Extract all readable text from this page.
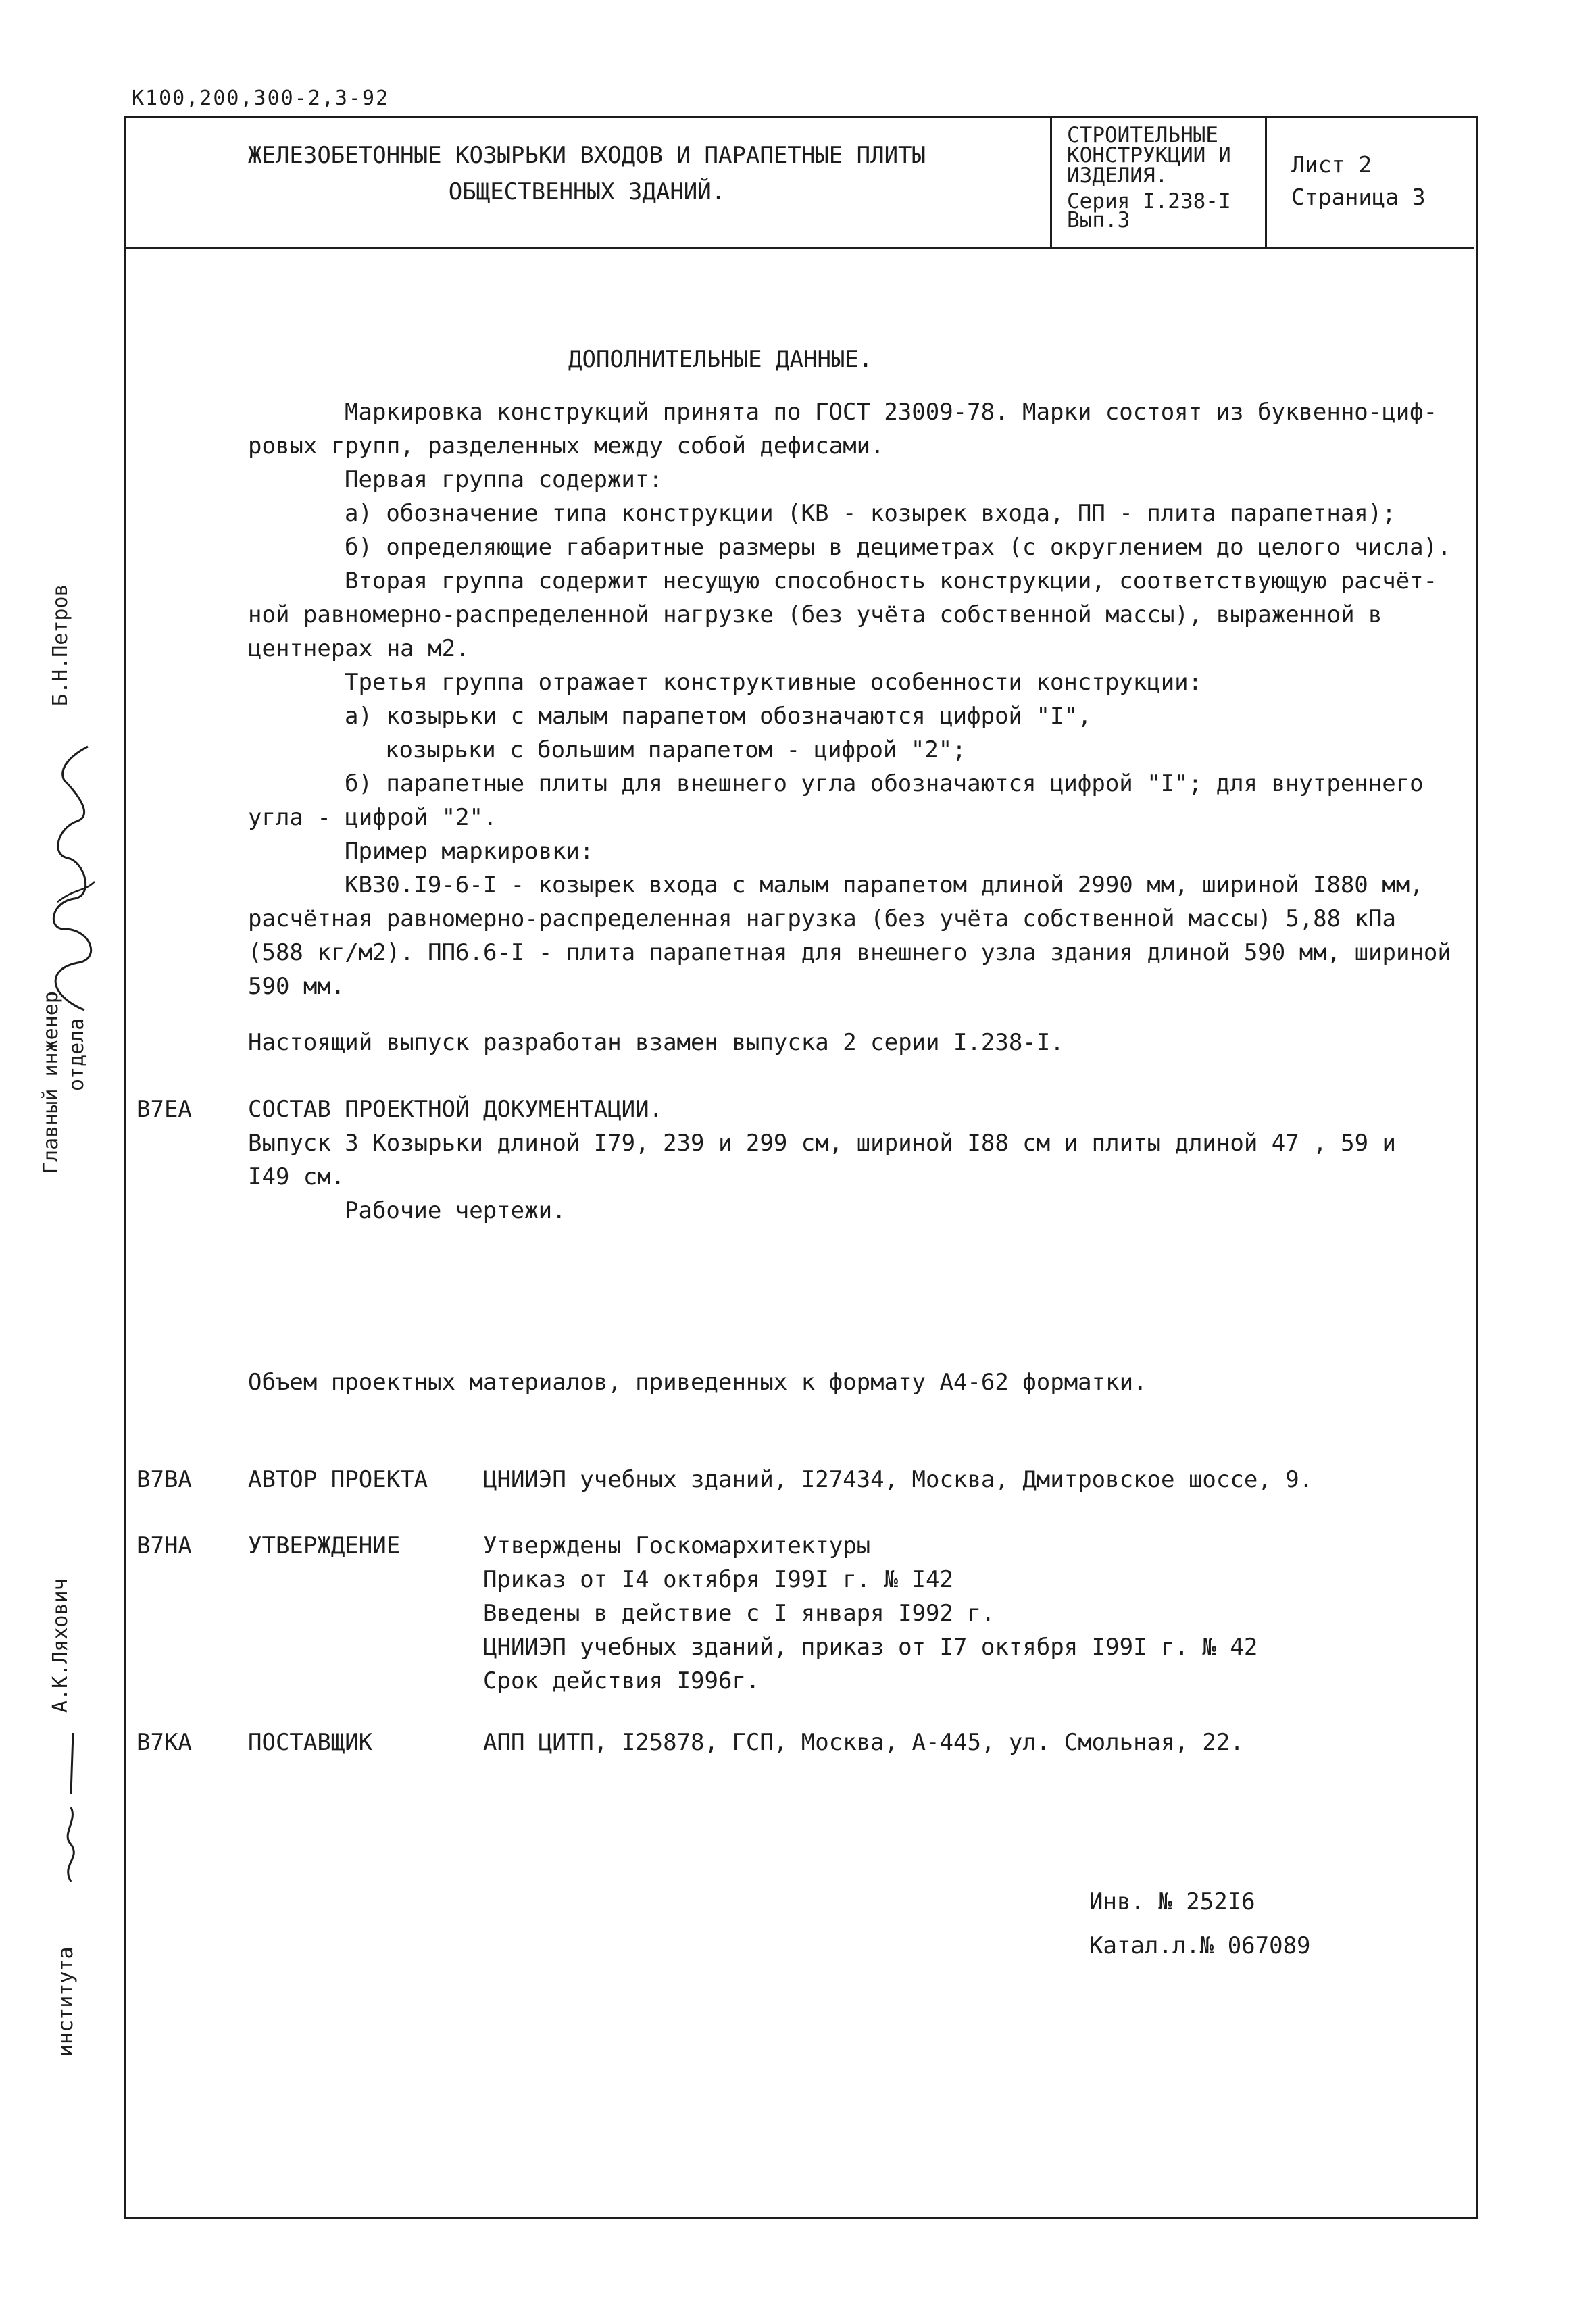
К100,200,300-2,3-92
ЖЕЛЕЗОБЕТОННЫЕ КОЗЫРЬКИ ВХОДОВ И ПАРАПЕТНЫЕ ПЛИТЫ
ОБЩЕСТВЕННЫХ ЗДАНИЙ.
СТРОИТЕЛЬНЫЕ
КОНСТРУКЦИИ И
ИЗДЕЛИЯ.
Серия I.238-I
Вып.3
Лист 2
Страница 3
ДОПОЛНИТЕЛЬНЫЕ ДАННЫЕ.
Маркировка конструкций принята по ГОСТ 23009-78. Марки состоят из буквенно-циф-
ровых групп, разделенных между собой дефисами.
Первая группа содержит:
а) обозначение типа конструкции (КВ - козырек входа, ПП - плита парапетная);
б) определяющие габаритные размеры в дециметрах (с округлением до целого числа).
Вторая группа содержит несущую способность конструкции, соответствующую расчёт-
ной равномерно-распределенной нагрузке (без учёта собственной массы), выраженной в
центнерах на м2.
Третья группа отражает конструктивные особенности конструкции:
а) козырьки с малым парапетом обозначаются цифрой "I",
козырьки с большим парапетом - цифрой "2";
б) парапетные плиты для внешнего угла обозначаются цифрой "I"; для внутреннего
угла - цифрой "2".
Пример маркировки:
КВ30.I9-6-I - козырек входа с малым парапетом длиной 2990 мм, шириной I880 мм,
расчётная равномерно-распределенная нагрузка (без учёта собственной массы) 5,88 кПа
(588 кг/м2). ПП6.6-I - плита парапетная для внешнего узла здания длиной 590 мм, шириной
590 мм.
Настоящий выпуск разработан взамен выпуска 2 серии I.238-I.
В7ЕА СОСТАВ ПРОЕКТНОЙ ДОКУМЕНТАЦИИ.
Выпуск 3 Козырьки длиной I79, 239 и 299 см, шириной I88 см и плиты длиной 47 , 59 и
I49 см.
Рабочие чертежи.
Объем проектных материалов, приведенных к формату А4-62 форматки.
В7ВА АВТОР ПРОЕКТА ЦНИИЭП учебных зданий, I27434, Москва, Дмитровское шоссе, 9.
В7НА УТВЕРЖДЕНИЕ	Утверждены Госкомархитектуры
Приказ от I4 октября I99I г. № I42
Введены в действие с I января I992 г.
ЦНИИЭП учебных зданий, приказ от I7 октября I99I г. № 42
Срок действия I996г.
В7КА ПОСТАВЩИК	АПП ЦИТП, I25878, ГСП, Москва, А-445, ул. Смольная, 22.
Инв. № 252I6
Катал.л.№ 067089
Главный инженер отдела
Б.Н.Петров
института
А.К.Ляхович
